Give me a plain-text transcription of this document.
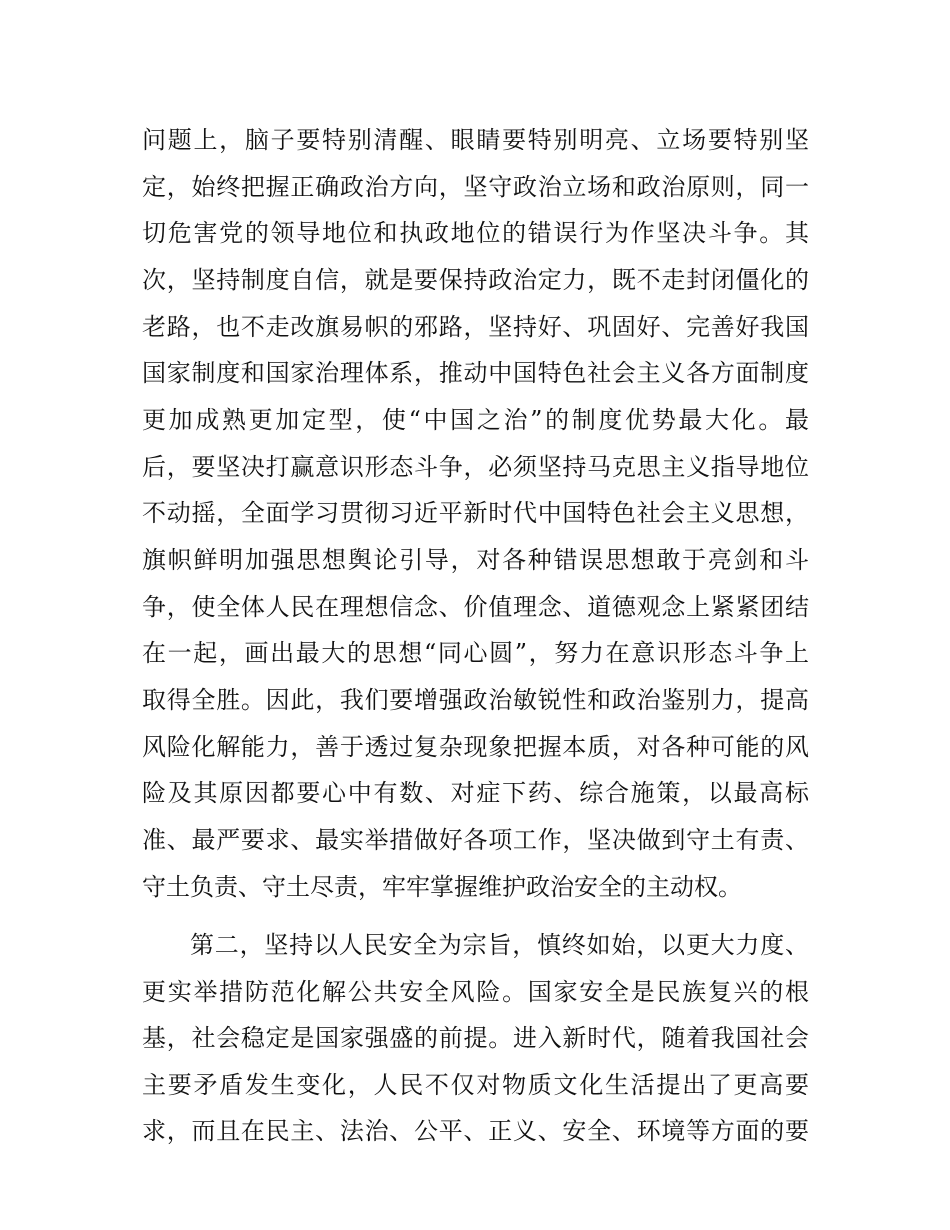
问题上，脑子要特别清醒、眼睛要特别明亮、立场要特别坚
定，始终把握正确政治方向，坚守政治立场和政治原则，同一
切危害党的领导地位和执政地位的错误行为作坚决斗争。其
次，坚持制度自信，就是要保持政治定力，既不走封闭僵化的
老路，也不走改旗易帜的邪路，坚持好、巩固好、完善好我国
国家制度和国家治理体系，推动中国特色社会主义各方面制度
更加成熟更加定型，使“中国之治”的制度优势最大化。最
后，要坚决打赢意识形态斗争，必须坚持马克思主义指导地位
不动摇，全面学习贯彻习近平新时代中国特色社会主义思想，
旗帜鲜明加强思想舆论引导，对各种错误思想敢于亮剑和斗
争，使全体人民在理想信念、价值理念、道德观念上紧紧团结
在一起，画出最大的思想“同心圆”，努力在意识形态斗争上
取得全胜。因此，我们要增强政治敏锐性和政治鉴别力，提高
风险化解能力，善于透过复杂现象把握本质，对各种可能的风
险及其原因都要心中有数、对症下药、综合施策，以最高标
准、最严要求、最实举措做好各项工作，坚决做到守土有责、
守土负责、守土尽责，牢牢掌握维护政治安全的主动权。
第二，坚持以人民安全为宗旨，慎终如始，以更大力度、
更实举措防范化解公共安全风险。国家安全是民族复兴的根
基，社会稳定是国家强盛的前提。进入新时代，随着我国社会
主要矛盾发生变化，人民不仅对物质文化生活提出了更高要
求，而且在民主、法治、公平、正义、安全、环境等方面的要
